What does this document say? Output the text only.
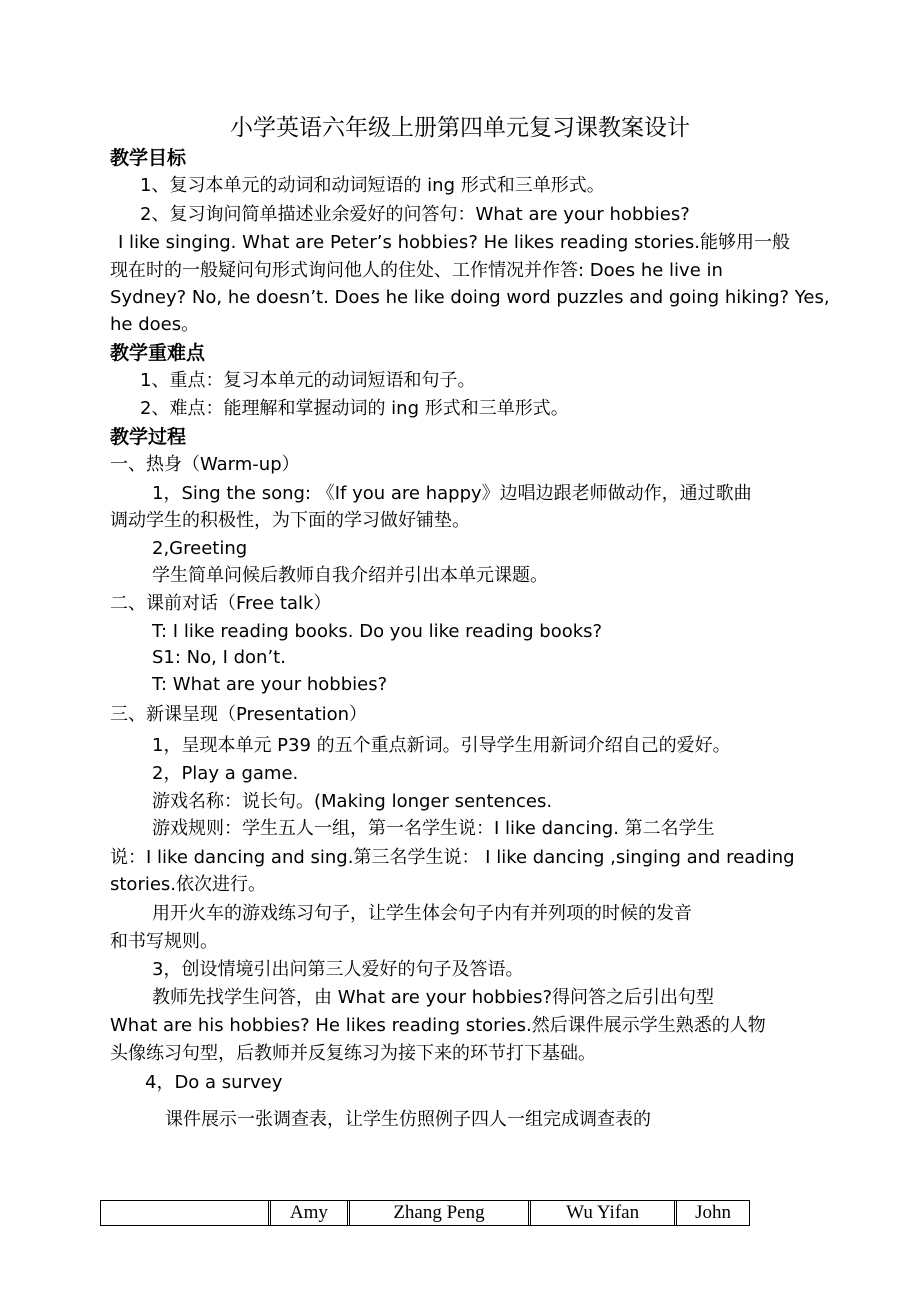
小学英语六年级上册第四单元复习课教案设计
教学目标
1、复习本单元的动词和动词短语的 ing 形式和三单形式。
2、复习询问简单描述业余爱好的问答句：What are your hobbies?
I like singing. What are Peter’s hobbies? He likes reading stories.能够用一般
现在时的一般疑问句形式询问他人的住处、工作情况并作答: Does he live in
Sydney? No, he doesn’t. Does he like doing word puzzles and going hiking? Yes,
he does。
教学重难点
1、重点：复习本单元的动词短语和句子。
2、难点：能理解和掌握动词的 ing 形式和三单形式。
教学过程
一、热身（Warm-up）
1，Sing the song: 《If you are happy》边唱边跟老师做动作，通过歌曲
调动学生的积极性，为下面的学习做好铺垫。
2,Greeting
学生简单问候后教师自我介绍并引出本单元课题。
二、课前对话（Free talk）
T: I like reading books. Do you like reading books?
S1: No, I don’t.
T: What are your hobbies?
三、新课呈现（Presentation）
1，呈现本单元 P39 的五个重点新词。引导学生用新词介绍自己的爱好。
2，Play a game.
游戏名称：说长句。(Making longer sentences.
游戏规则：学生五人一组，第一名学生说：I like dancing. 第二名学生
说：I like dancing and sing.第三名学生说： I like dancing ,singing and reading
stories.依次进行。
用开火车的游戏练习句子，让学生体会句子内有并列项的时候的发音
和书写规则。
3，创设情境引出问第三人爱好的句子及答语。
教师先找学生问答，由 What are your hobbies?得问答之后引出句型
What are his hobbies? He likes reading stories.然后课件展示学生熟悉的人物
头像练习句型，后教师并反复练习为接下来的环节打下基础。
4，Do a survey
课件展示一张调查表，让学生仿照例子四人一组完成调查表的
	Amy	Zhang Peng	Wu Yifan	John
